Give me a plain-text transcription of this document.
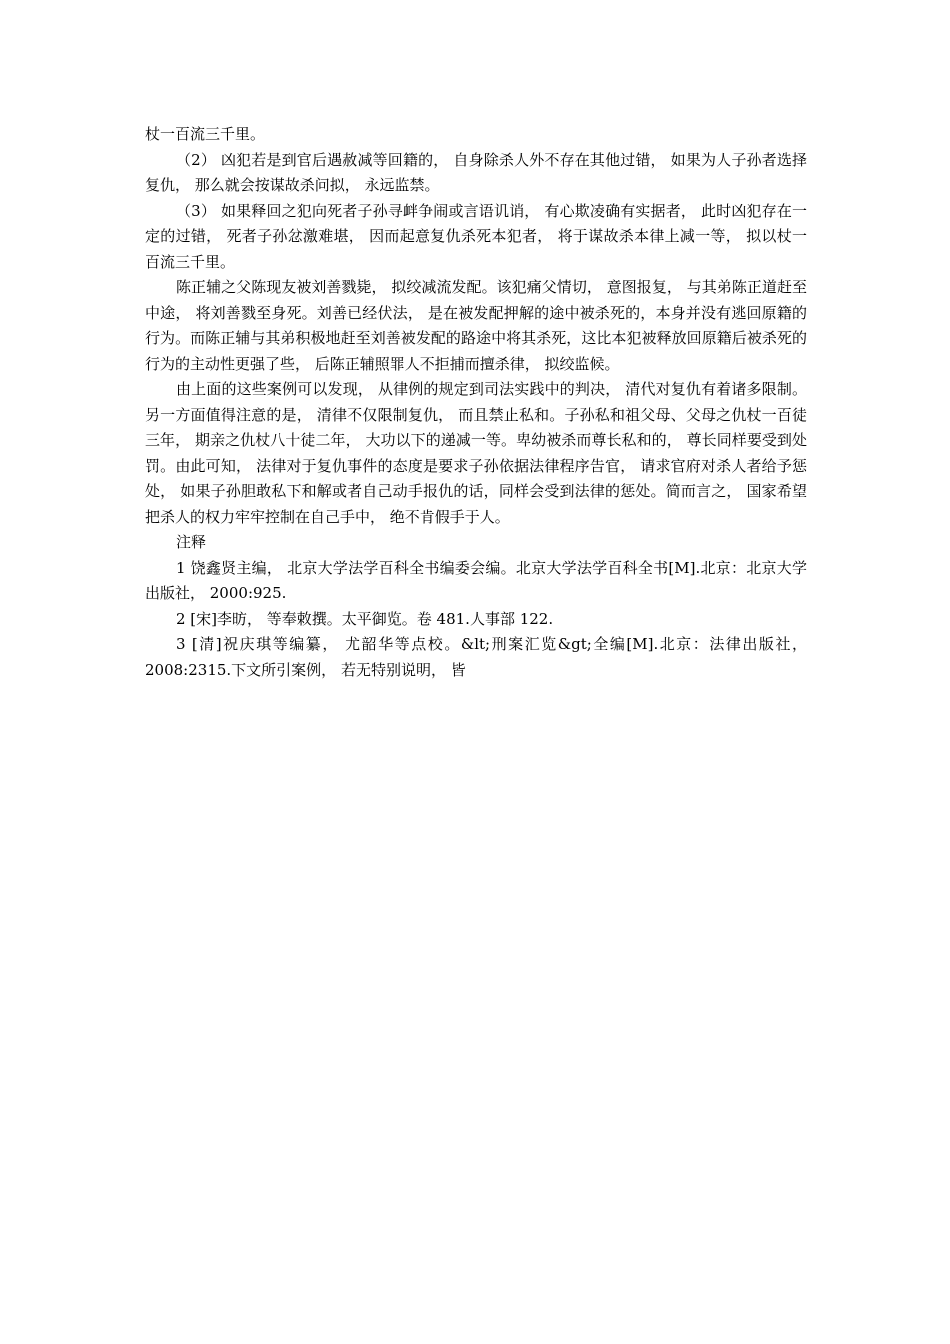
杖一百流三千里。

（2） 凶犯若是到官后遇赦减等回籍的， 自身除杀人外不存在其他过错， 如果为人子孙者选择复仇， 那么就会按谋故杀问拟， 永远监禁。

（3） 如果释回之犯向死者子孙寻衅争闹或言语讥诮， 有心欺凌确有实据者， 此时凶犯存在一定的过错， 死者子孙忿激难堪， 因而起意复仇杀死本犯者， 将于谋故杀本律上减一等， 拟以杖一百流三千里。

陈正辅之父陈现友被刘善戮毙， 拟绞减流发配。该犯痛父情切， 意图报复， 与其弟陈正道赶至中途， 将刘善戮至身死。刘善已经伏法， 是在被发配押解的途中被杀死的，本身并没有逃回原籍的行为。而陈正辅与其弟积极地赶至刘善被发配的路途中将其杀死，这比本犯被释放回原籍后被杀死的行为的主动性更强了些， 后陈正辅照罪人不拒捕而擅杀律， 拟绞监候。

由上面的这些案例可以发现， 从律例的规定到司法实践中的判决， 清代对复仇有着诸多限制。另一方面值得注意的是， 清律不仅限制复仇， 而且禁止私和。子孙私和祖父母、父母之仇杖一百徒三年， 期亲之仇杖八十徒二年， 大功以下的递减一等。卑幼被杀而尊长私和的， 尊长同样要受到处罚。由此可知， 法律对于复仇事件的态度是要求子孙依据法律程序告官， 请求官府对杀人者给予惩处， 如果子孙胆敢私下和解或者自己动手报仇的话，同样会受到法律的惩处。简而言之， 国家希望把杀人的权力牢牢控制在自己手中， 绝不肯假手于人。

注释

1 饶鑫贤主编， 北京大学法学百科全书编委会编。北京大学法学百科全书[M].北京：北京大学出版社， 2000:925.

2 [宋]李昉， 等奉敕撰。太平御览。卷 481.人事部 122.

3 [清]祝庆琪等编纂， 尤韶华等点校。&lt;刑案汇览&gt;全编[M].北京：法律出版社，2008:2315.下文所引案例， 若无特别说明， 皆
